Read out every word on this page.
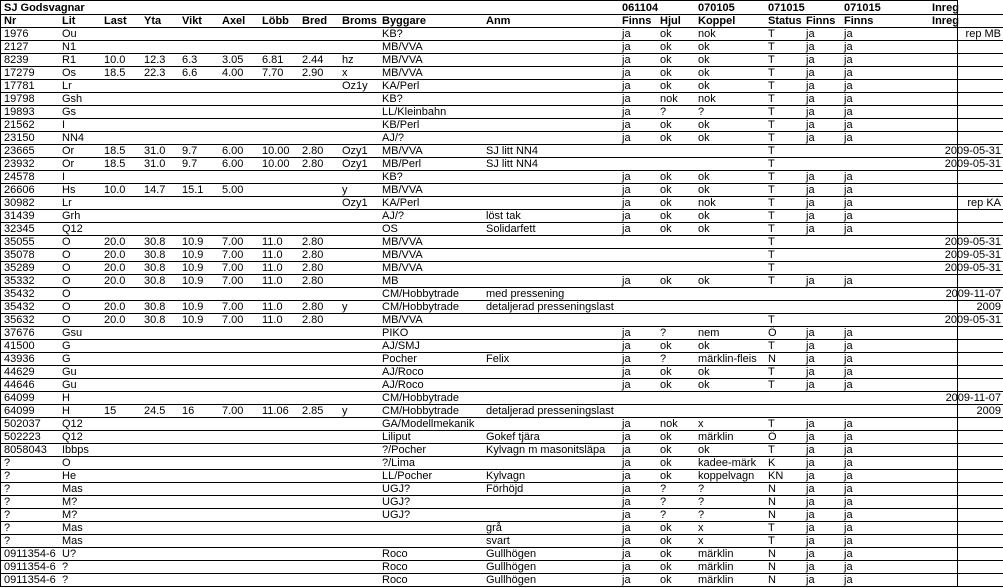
SJ Godsvagnar											061104		070105	071015		071015	Inreg
Nr	Lit	Last	Yta	Vikt	Axel	Löbb	Bred	Broms	Byggare	Anm	Finns	Hjul	Koppel	Status	Finns	Finns	Inreg
1976	Ou								KB?		ja	ok	nok	T	ja	ja	rep MB
2127	N1								MB/VVA		ja	ok	ok	T	ja	ja	
8239	R1	10.0	12.3	6.3	3.05	6.81	2.44	hz	MB/VVA		ja	ok	ok	T	ja	ja	
17279	Os	18.5	22.3	6.6	4.00	7.70	2.90	x	MB/VVA		ja	ok	ok	T	ja	ja	
17781	Lr							Oz1y	KA/Perl		ja	ok	ok	T	ja	ja	
19798	Gsh								KB?		ja	nok	nok	T	ja	ja	
19893	Gs								LL/Kleinbahn		ja	?	?	T	ja	ja	
21562	I								KB/Perl		ja	ok	ok	T	ja	ja	
23150	NN4								AJ/?		ja	ok	ok	T	ja	ja	
23665	Or	18.5	31.0	9.7	6.00	10.00	2.80	Ozy1	MB/VVA	SJ litt NN4				T			2009-05-31
23932	Or	18.5	31.0	9.7	6.00	10.00	2.80	Ozy1	MB/Perl	SJ litt NN4				T			2009-05-31
24578	I								KB?		ja	ok	ok	T	ja	ja	
26606	Hs	10.0	14.7	15.1	5.00			y	MB/VVA		ja	ok	ok	T	ja	ja	
30982	Lr							Ozy1	KA/Perl		ja	ok	nok	T	ja	ja	rep KA
31439	Grh								AJ/?	löst tak	ja	ok	ok	T	ja	ja	
32345	Q12								OS	Solidarfett	ja	ok	ok	T	ja	ja	
35055	O	20.0	30.8	10.9	7.00	11.0	2.80		MB/VVA					T			2009-05-31
35078	O	20.0	30.8	10.9	7.00	11.0	2.80		MB/VVA					T			2009-05-31
35289	O	20.0	30.8	10.9	7.00	11.0	2.80		MB/VVA					T			2009-05-31
35332	O	20.0	30.8	10.9	7.00	11.0	2.80		MB		ja	ok	ok	T	ja	ja	
35432	O								CM/Hobbytrade	med pressening							2009-11-07
35432	O	20.0	30.8	10.9	7.00	11.0	2.80	y	CM/Hobbytrade	detaljerad presseningslast							2009
35632	O	20.0	30.8	10.9	7.00	11.0	2.80		MB/VVA					T			2009-05-31
37676	Gsu								PIKO		ja	?	nem	Ö	ja	ja	
41500	G								AJ/SMJ		ja	ok	ok	T	ja	ja	
43936	G								Pocher	Felix	ja	?	märklin-fleis	N	ja	ja	
44629	Gu								AJ/Roco		ja	ok	ok	T	ja	ja	
44646	Gu								AJ/Roco		ja	ok	ok	T	ja	ja	
64099	H								CM/Hobbytrade								2009-11-07
64099	H	15	24.5	16	7.00	11.06	2.85	y	CM/Hobbytrade	detaljerad presseningslast							2009
502037	Q12								GA/Modellmekanik		ja	nok	x	T	ja	ja	
502223	Q12								Liliput	Gokef tjära	ja	ok	märklin	Ö	ja	ja	
8058043	Ibbps								?/Pocher	Kylvagn m masonitsläpa	ja	ok	ok	T	ja	ja	
?	O								?/Lima		ja	ok	kadee-märk	K	ja	ja	
?	He								LL/Pocher	Kylvagn	ja	ok	koppelvagn	KN	ja	ja	
?	Mas								UGJ?	Förhöjd	ja	?	?	N	ja	ja	
?	M?								UGJ?		ja	?	?	N	ja	ja	
?	M?								UGJ?		ja	?	?	N	ja	ja	
?	Mas									grå	ja	ok	x	T	ja	ja	
?	Mas									svart	ja	ok	x	T	ja	ja	
0911354-6	U?								Roco	Gullhögen	ja	ok	märklin	N	ja	ja	
0911354-6	?								Roco	Gullhögen	ja	ok	märklin	N	ja	ja	
0911354-6	?								Roco	Gullhögen	ja	ok	märklin	N	ja	ja	
